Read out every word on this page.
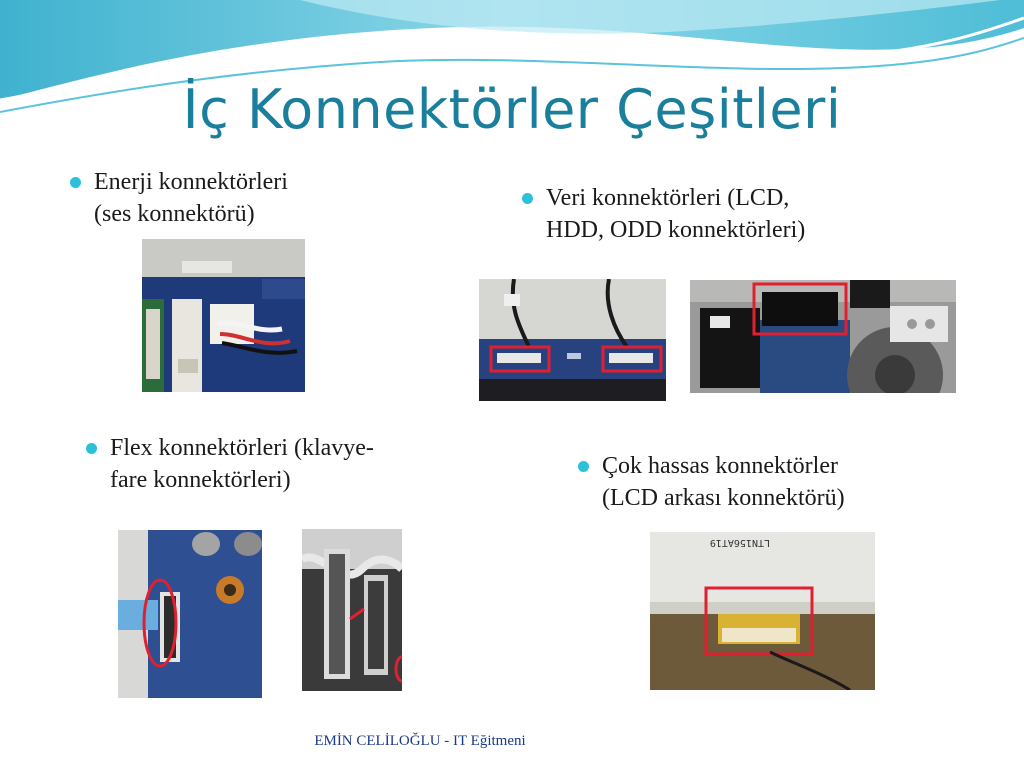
İç Konnektörler Çeşitleri
Enerji konnektörleri
(ses konnektörü)
Veri konnektörleri (LCD,
HDD, ODD konnektörleri)
Flex konnektörleri (klavye-
fare konnektörleri)
Çok hassas konnektörler
(LCD arkası konnektörü)
LTN156AT19
EMİN CELİLOĞLU - IT Eğitmeni
